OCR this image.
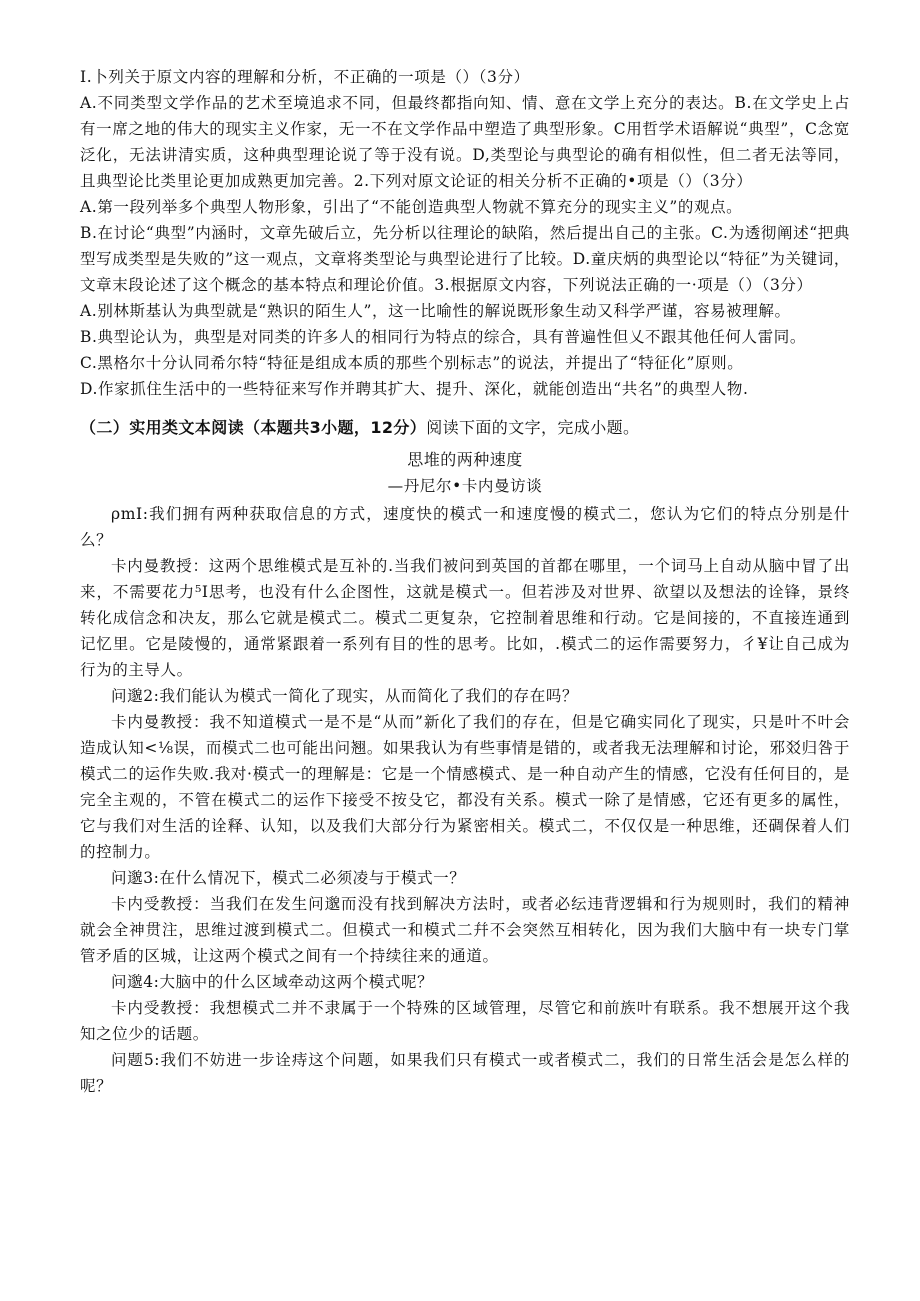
I.卜列关于原文内容的理解和分析，不正确的一项是（）（3分）

A.不同类型文学作品的艺术至境追求不同，但最终都指向知、情、意在文学上充分的表达。B.在文学史上占有一席之地的伟大的现实主义作家，无一不在文学作品中塑造了典型形象。C用哲学术语解说“典型”，C念宽泛化，无法讲清实质，这种典型理论说了等于没有说。D,类型论与典型论的确有相似性，但二者无法等同，且典型论比类里论更加成熟更加完善。2.下列对原文论证的相关分析不正确的•项是（）（3分）

A.第一段列举多个典型人物形象，引出了“不能创造典型人物就不算充分的现实主义”的观点。

B.在讨论“典型”内涵时，文章先破后立，先分析以往理论的缺陷，然后提出自己的主张。C.为透彻阐述“把典型写成类型是失败的”这一观点，文章将类型论与典型论进行了比较。D.童庆炳的典型论以“特征”为关键词，文章末段论述了这个概念的基本特点和理论价值。3.根据原文内容，下列说法正确的一·项是（）（3分）

A.别林斯基认为典型就是“熟识的陌生人”，这一比喻性的解说既形象生动又科学严谨，容易被理解。

B.典型论认为，典型是对同类的许多人的相同行为特点的综合，具有普遍性但乂不跟其他任何人雷同。

C.黑格尔十分认同希尔特“特征是组成本质的那些个别标志”的说法，并提出了“特征化”原则。

D.作家抓住生活中的一些特征来写作并聘其扩大、提升、深化，就能创造出“共名”的典型人物.

（二）实用类文本阅读（本题共3小题，12分）阅读下面的文字，完成小题。

思堆的两种速度

—丹尼尔•卡内曼访谈

ρmI:我们拥有两种获取信息的方式，速度快的模式一和速度慢的模式二，您认为它们的特点分别是什么？

卡内曼教授：这两个思维模式是互补的.当我们被问到英国的首都在哪里，一个词马上自动从脑中冒了出来，不需要花力⁵I思考，也没有什么企图性，这就是模式一。但若涉及对世界、欲望以及想法的诠锋，景终转化成信念和决友，那么它就是模式二。模式二更复杂，它控制着思维和行动。它是间接的，不直接连通到记忆里。它是陵慢的，通常紧跟着一系列有目的性的思考。比如，.模式二的运作需要努力，彳¥让自己成为行为的主导人。

问邈2:我们能认为模式一简化了现实，从而简化了我们的存在吗？

卡内曼教授：我不知道模式一是不是“从而”新化了我们的存在，但是它确实同化了现实，只是叶不叶会造成认知<⅛误，而模式二也可能出问翘。如果我认为有些事情是错的，或者我无法理解和讨论，邪㸚归咎于模式二的运作失败.我对·模式一的理解是：它是一个情感模式、是一种自动产生的情感，它没有任何目的，是完全主观的，不管在模式二的运作下接受不按殳它，都没有关系。模式一除了是情感，它还有更多的属性，它与我们对生活的诠释、认知，以及我们大部分行为紧密相关。模式二，不仅仅是一种思维，还碉保着人们的控制力。

问邈3:在什么情况下，模式二必须凌与于模式一？

卡内受教授：当我们在发生问邈而没有找到解决方法时，或者必纭违背逻辑和行为规则时，我们的精神就会全神贯注，思维过渡到模式二。但模式一和模式二幷不会突然互相转化，因为我们大脑中有一块专门掌管矛盾的区城，让这两个模式之间有一个持续往来的通道。

问邈4:大脑中的什么区域牵动这两个模式呢？

卡内受教授：我想模式二并不隶属于一个特殊的区域管理，尽管它和前族叶有联系。我不想展开这个我知之位少的话题。

问题5:我们不妨进一步诠痔这个问题，如果我们只有模式一或者模式二，我们的日常生活会是怎么样的呢？
